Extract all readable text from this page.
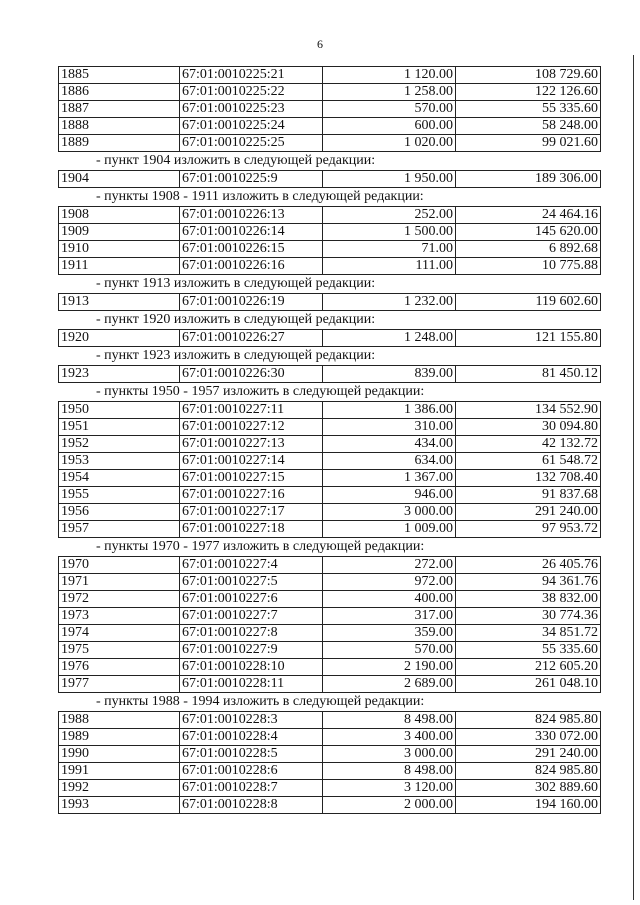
6
1885	67:01:0010225:21	1 120.00	108 729.60
1886	67:01:0010225:22	1 258.00	122 126.60
1887	67:01:0010225:23	570.00	55 335.60
1888	67:01:0010225:24	600.00	58 248.00
1889	67:01:0010225:25	1 020.00	99 021.60
- пункт 1904 изложить в следующей редакции:
1904	67:01:0010225:9	1 950.00	189 306.00
- пункты 1908 - 1911 изложить в следующей редакции:
1908	67:01:0010226:13	252.00	24 464.16
1909	67:01:0010226:14	1 500.00	145 620.00
1910	67:01:0010226:15	71.00	6 892.68
1911	67:01:0010226:16	111.00	10 775.88
- пункт 1913 изложить в следующей редакции:
1913	67:01:0010226:19	1 232.00	119 602.60
- пункт 1920 изложить в следующей редакции:
1920	67:01:0010226:27	1 248.00	121 155.80
- пункт 1923 изложить в следующей редакции:
1923	67:01:0010226:30	839.00	81 450.12
- пункты 1950 - 1957 изложить в следующей редакции:
1950	67:01:0010227:11	1 386.00	134 552.90
1951	67:01:0010227:12	310.00	30 094.80
1952	67:01:0010227:13	434.00	42 132.72
1953	67:01:0010227:14	634.00	61 548.72
1954	67:01:0010227:15	1 367.00	132 708.40
1955	67:01:0010227:16	946.00	91 837.68
1956	67:01:0010227:17	3 000.00	291 240.00
1957	67:01:0010227:18	1 009.00	97 953.72
- пункты 1970 - 1977 изложить в следующей редакции:
1970	67:01:0010227:4	272.00	26 405.76
1971	67:01:0010227:5	972.00	94 361.76
1972	67:01:0010227:6	400.00	38 832.00
1973	67:01:0010227:7	317.00	30 774.36
1974	67:01:0010227:8	359.00	34 851.72
1975	67:01:0010227:9	570.00	55 335.60
1976	67:01:0010228:10	2 190.00	212 605.20
1977	67:01:0010228:11	2 689.00	261 048.10
- пункты 1988 - 1994 изложить в следующей редакции:
1988	67:01:0010228:3	8 498.00	824 985.80
1989	67:01:0010228:4	3 400.00	330 072.00
1990	67:01:0010228:5	3 000.00	291 240.00
1991	67:01:0010228:6	8 498.00	824 985.80
1992	67:01:0010228:7	3 120.00	302 889.60
1993	67:01:0010228:8	2 000.00	194 160.00
